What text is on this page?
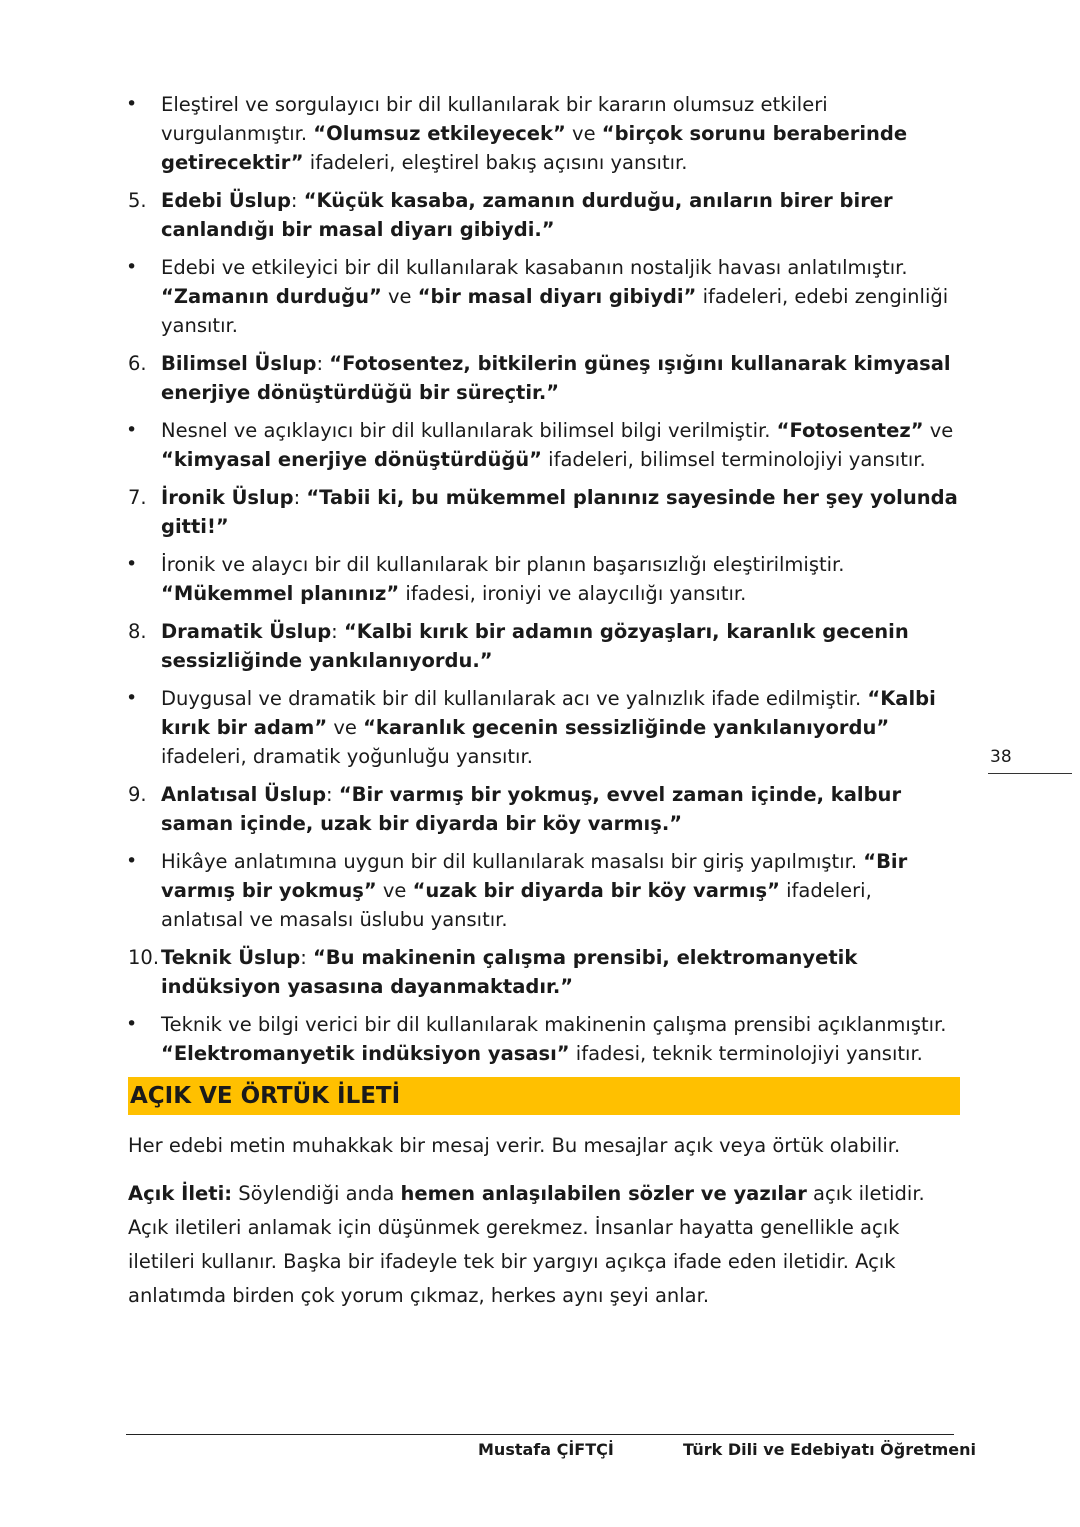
•	Eleştirel ve sorgulayıcı bir dil kullanılarak bir kararın olumsuz etkileri vurgulanmıştır. “Olumsuz etkileyecek” ve “birçok sorunu beraberinde getirecektir” ifadeleri, eleştirel bakış açısını yansıtır.
5. Edebi Üslup: “Küçük kasaba, zamanın durduğu, anıların birer birer canlandığı bir masal diyarı gibiydi.”
•	Edebi ve etkileyici bir dil kullanılarak kasabanın nostaljik havası anlatılmıştır. “Zamanın durduğu” ve “bir masal diyarı gibiydi” ifadeleri, edebi zenginliği yansıtır.
6. Bilimsel Üslup: “Fotosentez, bitkilerin güneş ışığını kullanarak kimyasal enerjiye dönüştürdüğü bir süreçtir.”
•	Nesnel ve açıklayıcı bir dil kullanılarak bilimsel bilgi verilmiştir. “Fotosentez” ve “kimyasal enerjiye dönüştürdüğü” ifadeleri, bilimsel terminolojiyi yansıtır.
7. İronik Üslup: “Tabii ki, bu mükemmel planınız sayesinde her şey yolunda gitti!”
•	İronik ve alaycı bir dil kullanılarak bir planın başarısızlığı eleştirilmiştir. “Mükemmel planınız” ifadesi, ironiyi ve alaycılığı yansıtır.
8. Dramatik Üslup: “Kalbi kırık bir adamın gözyaşları, karanlık gecenin sessizliğinde yankılanıyordu.”
•	Duygusal ve dramatik bir dil kullanılarak acı ve yalnızlık ifade edilmiştir. “Kalbi kırık bir adam” ve “karanlık gecenin sessizliğinde yankılanıyordu” ifadeleri, dramatik yoğunluğu yansıtır.
9. Anlatısal Üslup: “Bir varmış bir yokmuş, evvel zaman içinde, kalbur saman içinde, uzak bir diyarda bir köy varmış.”
•	Hikâye anlatımına uygun bir dil kullanılarak masalsı bir giriş yapılmıştır. “Bir varmış bir yokmuş” ve “uzak bir diyarda bir köy varmış” ifadeleri, anlatısal ve masalsı üslubu yansıtır.
10. Teknik Üslup: “Bu makinenin çalışma prensibi, elektromanyetik indüksiyon yasasına dayanmaktadır.”
•	Teknik ve bilgi verici bir dil kullanılarak makinenin çalışma prensibi açıklanmıştır. “Elektromanyetik indüksiyon yasası” ifadesi, teknik terminolojiyi yansıtır.
AÇIK VE ÖRTÜK İLETİ
Her edebi metin muhakkak bir mesaj verir. Bu mesajlar açık veya örtük olabilir.
Açık İleti: Söylendiği anda hemen anlaşılabilen sözler ve yazılar açık iletidir. Açık iletileri anlamak için düşünmek gerekmez. İnsanlar hayatta genellikle açık iletileri kullanır. Başka bir ifadeyle tek bir yargıyı açıkça ifade eden iletidir. Açık anlatımda birden çok yorum çıkmaz, herkes aynı şeyi anlar.
38
Mustafa ÇİFTÇİ	Türk Dili ve Edebiyatı Öğretmeni
